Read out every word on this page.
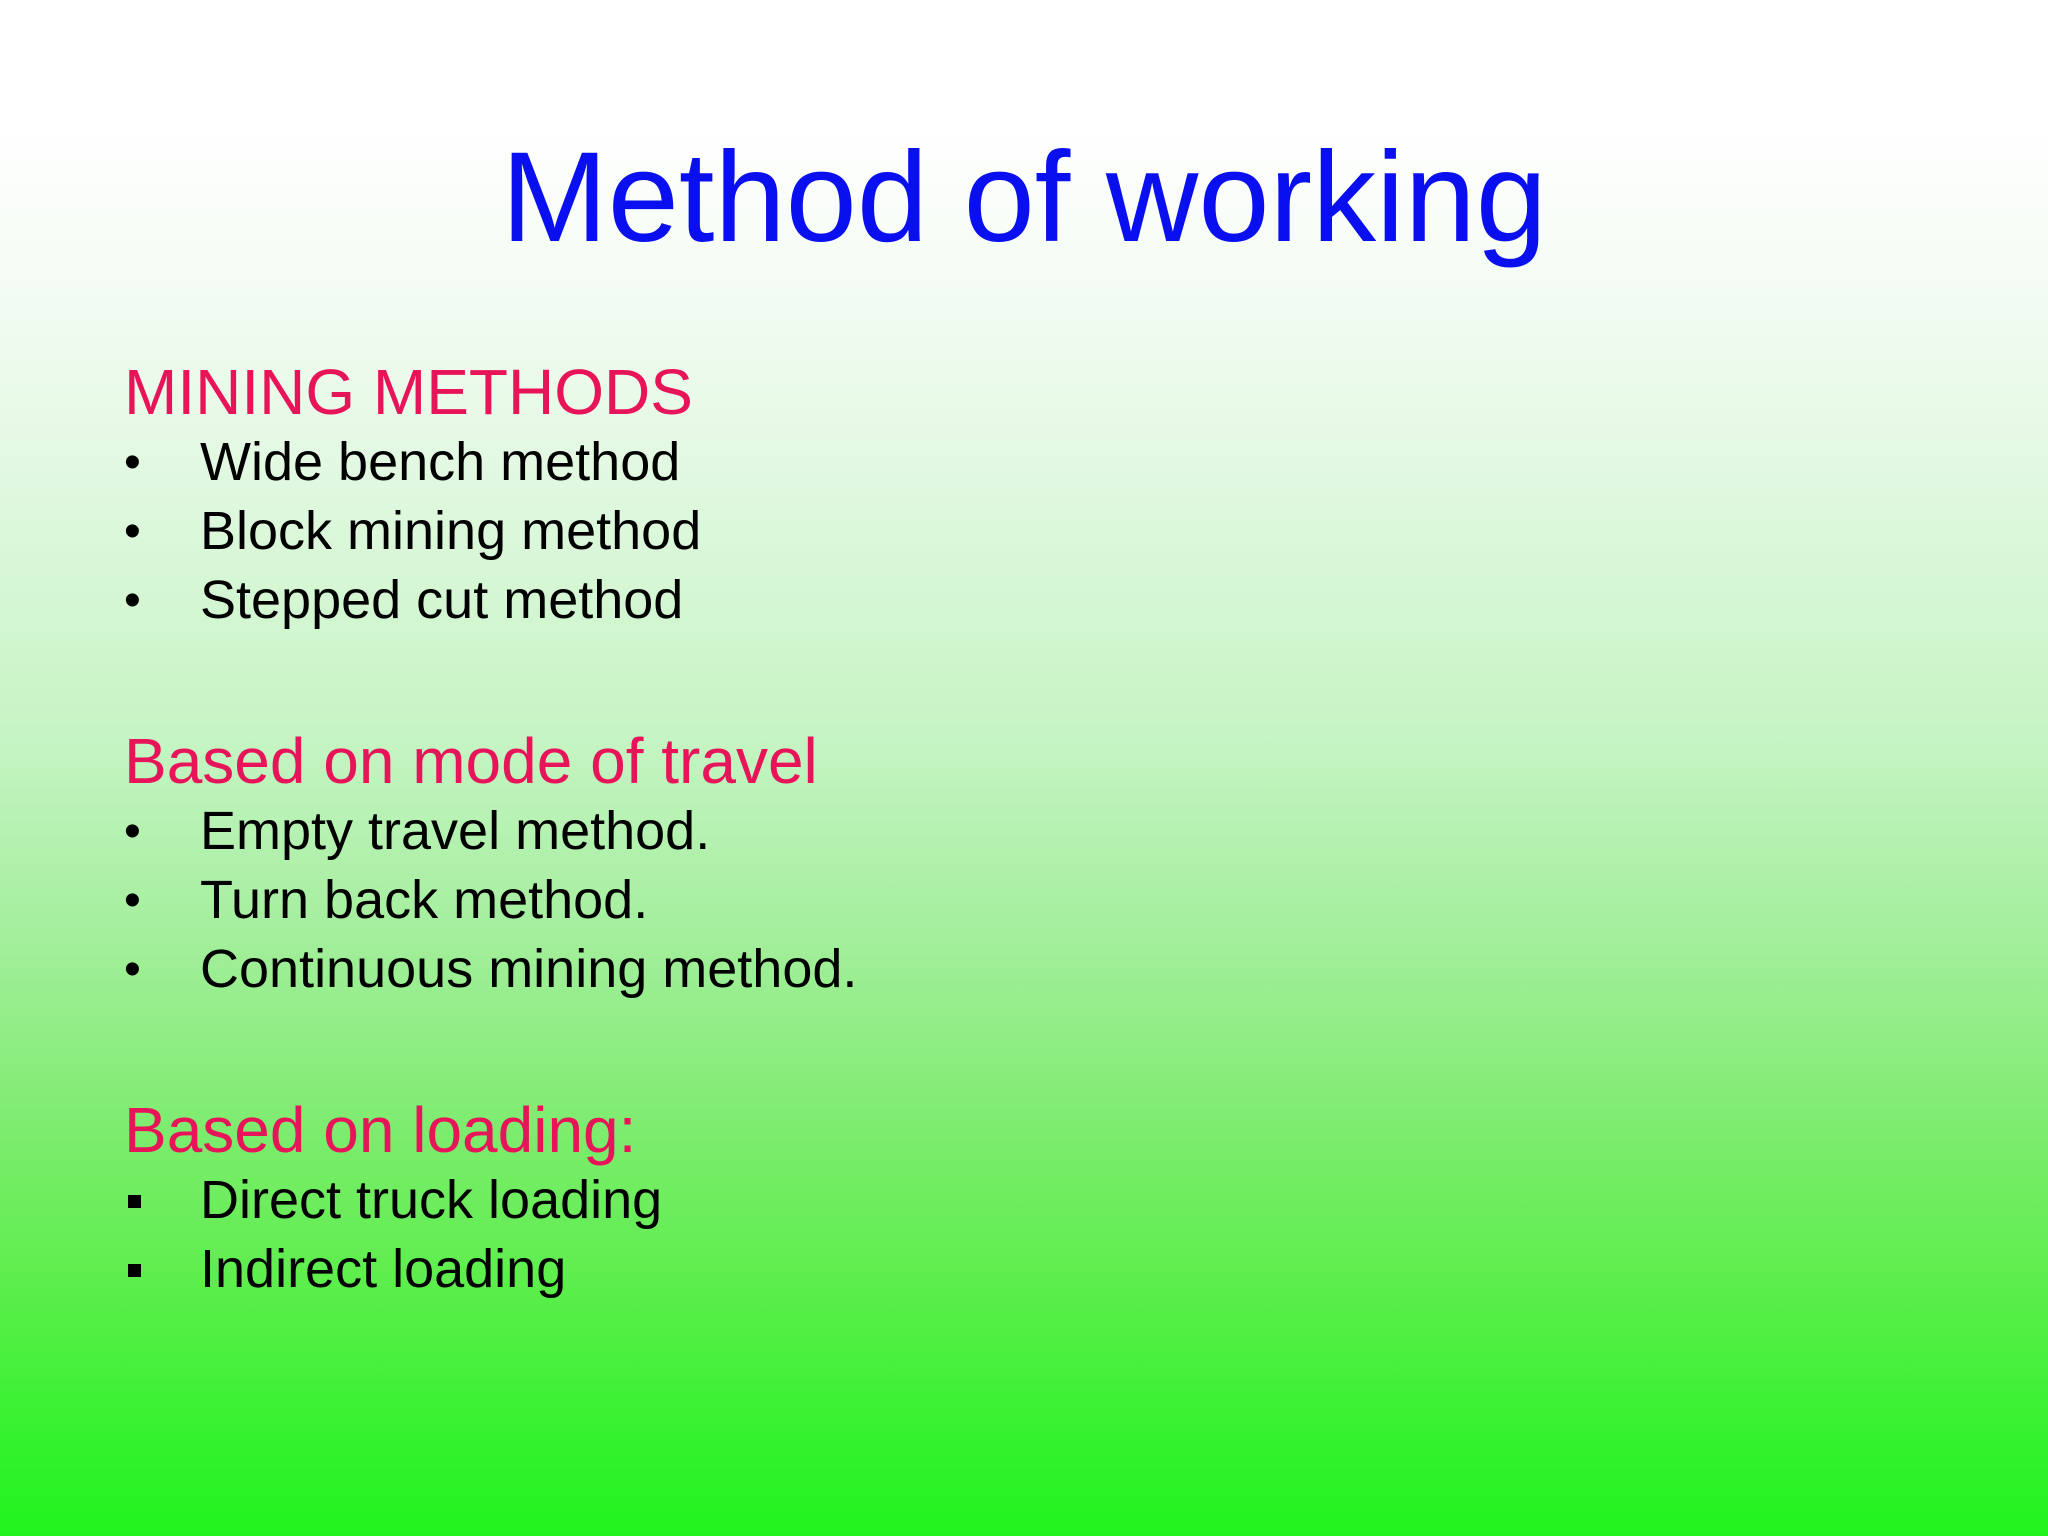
Method of working
MINING METHODS
•	Wide bench method
•	Block mining method
•	Stepped cut method
Based on mode of travel
•	Empty travel method.
•	Turn back method.
•	Continuous mining method.
Based on loading:
Direct truck loading
Indirect loading
